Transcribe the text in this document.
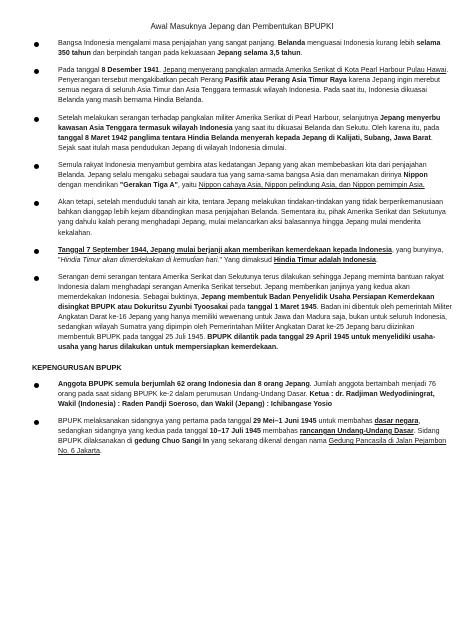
Awal Masuknya Jepang dan Pembentukan BPUPKI
Bangsa Indonesia mengalami masa penjajahan yang sangat panjang. Belanda menguasai Indonesia kurang lebih selama 350 tahun dan berpindah tangan pada kekuasaan Jepang selama 3,5 tahun.
Pada tanggal 8 Desember 1941. Jepang menyerang pangkalan armada Amerika Serikat di Kota Pearl Harbour Pulau Hawai. Penyerangan tersebut mengakibatkan pecah Perang Pasifik atau Perang Asia Timur Raya karena Jepang ingin merebut semua negara di seluruh Asia Timur dan Asia Tenggara termasuk wilayah Indonesia. Pada saat itu, Indonesia dikuasai Belanda yang masih bernama Hindia Belanda.
Setelah melakukan serangan terhadap pangkalan militer Amerika Serikat di Pearl Harbour, selanjutnya Jepang menyerbu kawasan Asia Tenggara termasuk wilayah Indonesia yang saat itu dikuasai Belanda dan Sekutu. Oleh karena itu, pada tanggal 8 Maret 1942 panglima tentara Hindia Belanda menyerah kepada Jepang di Kalijati, Subang, Jawa Barat. Sejak saat itulah masa pendudukan Jepang di wilayah Indonesia dimulai.
Semula rakyat Indonesia menyambut gembira atas kedatangan Jepang yang akan membebaskan kita dari penjajahan Belanda. Jepang selalu mengaku sebagai saudara tua yang sama-sama bangsa Asia dan menamakan dirinya Nippon dengan mendirikan "Gerakan Tiga A", yaitu Nippon cahaya Asia, Nippon pelindung Asia, dan Nippon pemimpin Asia.
Akan tetapi, setelah menduduki tanah air kita, tentara Jepang melakukan tindakan-tindakan yang tidak berperikemanusiaan bahkan dianggap lebih kejam dibandingkan masa penjajahan Belanda. Sementara itu, pihak Amerika Serikat dan Sekutunya yang dahulu kalah perang menghadapi Jepang, mulai melancarkan aksi balasannya hingga Jepang mulai menderita kekalahan.
Tanggal 7 September 1944, Jepang mulai berjanji akan memberikan kemerdekaan kepada Indonesia, yang bunyinya, "Hindia Timur akan dimerdekakan di kemudian hari." Yang dimaksud Hindia Timur adalah Indonesia.
Serangan demi serangan tentara Amerika Serikat dan Sekutunya terus dilakukan sehingga Jepang meminta bantuan rakyat Indonesia dalam menghadapi serangan Amerika Serikat tersebut. Jepang memberikan janjinya yang kedua akan memerdekakan Indonesia. Sebagai buktinya, Jepang membentuk Badan Penyelidik Usaha Persiapan Kemerdekaan disingkat BPUPK atau Dokuritsu Zyunbi Tyoosakai pada tanggal 1 Maret 1945. Badan ini dibentuk oleh pemerintah Militer Angkatan Darat ke-16 Jepang yang hanya memiliki wewenang untuk Jawa dan Madura saja, bukan untuk seluruh Indonesia, sedangkan wilayah Sumatra yang dipimpin oleh Pemerintahan Militer Angkatan Darat ke-25 Jepang baru diizinkan membentuk BPUPK pada tanggal 25 Juli 1945. BPUPK dilantik pada tanggal 29 April 1945 untuk menyelidiki usaha-usaha yang harus dilakukan untuk mempersiapkan kemerdekaan.
KEPENGURUSAN BPUPK
Anggota BPUPK semula berjumlah 62 orang Indonesia dan 8 orang Jepang. Jumlah anggota bertambah menjadi 76 orang pada saat sidang BPUPK ke-2 dalam perumusan Undang-Undang Dasar. Ketua : dr. Radjiman Wedyodiningrat, Wakil (Indonesia) : Raden Pandji Soeroso, dan Wakil (Jepang) : Ichibangase Yosio
BPUPK melaksanakan sidangnya yang pertama pada tanggal 29 Mei–1 Juni 1945 untuk membahas dasar negara, sedangkan sidangnya yang kedua pada tanggal 10–17 Juli 1945 membahas rancangan Undang-Undang Dasar. Sidang BPUPK dilaksanakan di gedung Chuo Sangi In yang sekarang dikenal dengan nama Gedung Pancasila di Jalan Pejambon No. 6 Jakarta.
